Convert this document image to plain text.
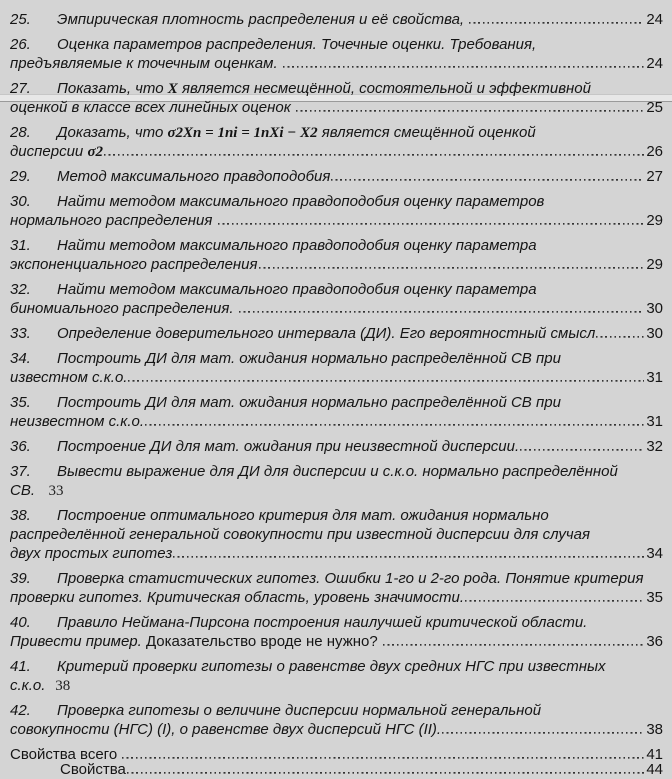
25.	Эмпирическая плотность распределения и её свойства,	24
26. Оценка параметров распределения. Точечные оценки. Требования,
предъявляемые к точечным оценкам.	24
27. Показать, что X является несмещённой, состоятельной и эффективной
оценкой в классе всех линейных оценок	25
28. Доказать, что σ2Xn = 1ni = 1nXi − X2 является смещённой оценкой
дисперсии σ2	26
29.	Метод максимального правдоподобия	27
30. Найти методом максимального правдоподобия оценку параметров
нормального распределения	29
31. Найти методом максимального правдоподобия оценку параметра
экспоненциального распределения	29
32. Найти методом максимального правдоподобия оценку параметра
биномиального распределения.	30
33.	Определение доверительного интервала (ДИ). Его вероятностный смысл	30
34. Построить ДИ для мат. ожидания нормально распределённой СВ при
известном с.к.о.	31
35. Построить ДИ для мат. ожидания нормально распределённой СВ при
неизвестном с.к.о.	31
36.	Построение ДИ для мат. ожидания при неизвестной дисперсии.	32
37. Вывести выражение для ДИ для дисперсии и с.к.о. нормально распределённой
СВ.  33
38. Построение оптимального критерия для мат. ожидания нормально
распределённой генеральной совокупности при известной дисперсии для случая
двух простых гипотез	34
39. Проверка статистических гипотез. Ошибки 1-го и 2-го рода. Понятие критерия
проверки гипотез. Критическая область, уровень значимости.	35
40. Правило Неймана-Пирсона построения наилучшей критической области.
Привести пример. Доказательство вроде не нужно?	36
41. Критерий проверки гипотезы о равенстве двух средних НГС при известных
с.к.о. 38
42. Проверка гипотезы о величине дисперсии нормальной генеральной
совокупности (НГС) (I), о равенстве двух дисперсий НГС (II).	38
Свойства всего	41
Свойства	44
